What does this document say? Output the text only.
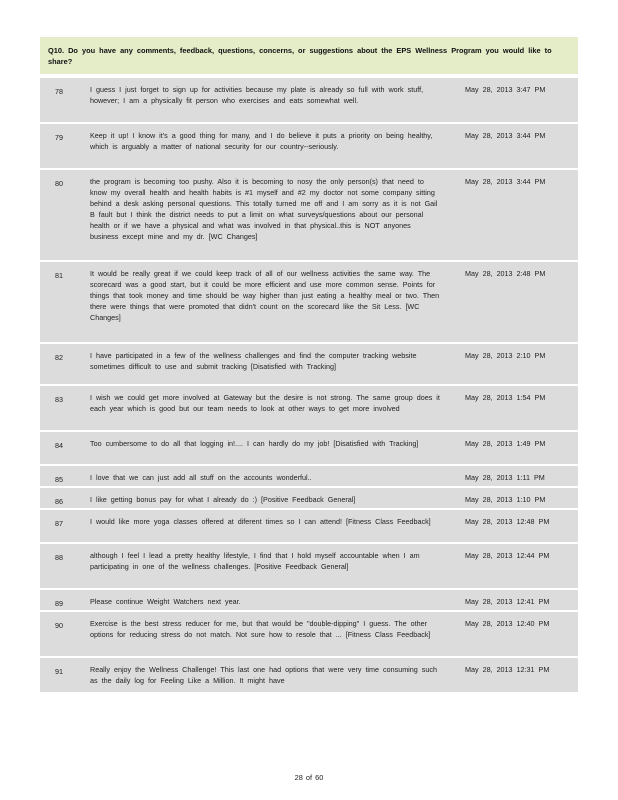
Q10. Do you have any comments, feedback, questions, concerns, or suggestions about the EPS Wellness Program you would like to share?
78	I guess I just forget to sign up for activities because my plate is already so full with work stuff, however; I am a physically fit person who exercises and eats somewhat well.
May 28, 2013 3:47 PM
79	Keep it up! I know it's a good thing for many, and I do believe it puts a priority on being healthy, which is arguably a matter of national security for our country--seriously.
May 28, 2013 3:44 PM
80	the program is becoming too pushy. Also it is becoming to nosy the only person(s) that need to know my overall health and health habits is #1 myself and #2 my doctor not some company sitting behind a desk asking personal questions. This totally turned me off and I am sorry as it is not Gail B fault but I think the district needs to put a limit on what surveys/questions about our personal health or if we have a physical and what was involved in that physical..this is NOT anyones business except mine and my dr. [WC Changes]
May 28, 2013 3:44 PM
81	It would be really great if we could keep track of all of our wellness activities the same way. The scorecard was a good start, but it could be more efficient and use more common sense. Points for things that took money and time should be way higher than just eating a healthy meal or two. Then there were things that were promoted that didn't count on the scorecard like the Sit Less. [WC Changes]
May 28, 2013 2:48 PM
82	I have participated in a few of the wellness challenges and find the computer tracking website sometimes difficult to use and submit tracking [Disatisfied with Tracking]
May 28, 2013 2:10 PM
83	I wish we could get more involved at Gateway but the desire is not strong. The same group does it each year which is good but our team needs to look at other ways to get more involved
May 28, 2013 1:54 PM
84	Too cumbersome to do all that logging in!.... I can hardly do my job! [Disatisfied with Tracking]	May 28, 2013 1:49 PM
85	I love that we can just add all stuff on the accounts wonderful..	May 28, 2013 1:11 PM
86	I like getting bonus pay for what I already do :) [Positive Feedback General]	May 28, 2013 1:10 PM
87	I would like more yoga classes offered at diferent times so I can attend! [Fitness Class Feedback]	May 28, 2013 12:48 PM
88	although I feel I lead a pretty healthy lifestyle, I find that I hold myself accountable when I am participating in one of the wellness challenges. [Positive Feedback General]
May 28, 2013 12:44 PM
89	Please continue Weight Watchers next year.	May 28, 2013 12:41 PM
90	Exercise is the best stress reducer for me, but that would be "double-dipping" I guess. The other options for reducing stress do not match. Not sure how to resole that ... [Fitness Class Feedback]
May 28, 2013 12:40 PM
91	Really enjoy the Wellness Challenge! This last one had options that were very time consuming such as the daily log for Feeling Like a Million. It might have
May 28, 2013 12:31 PM
28 of 60
